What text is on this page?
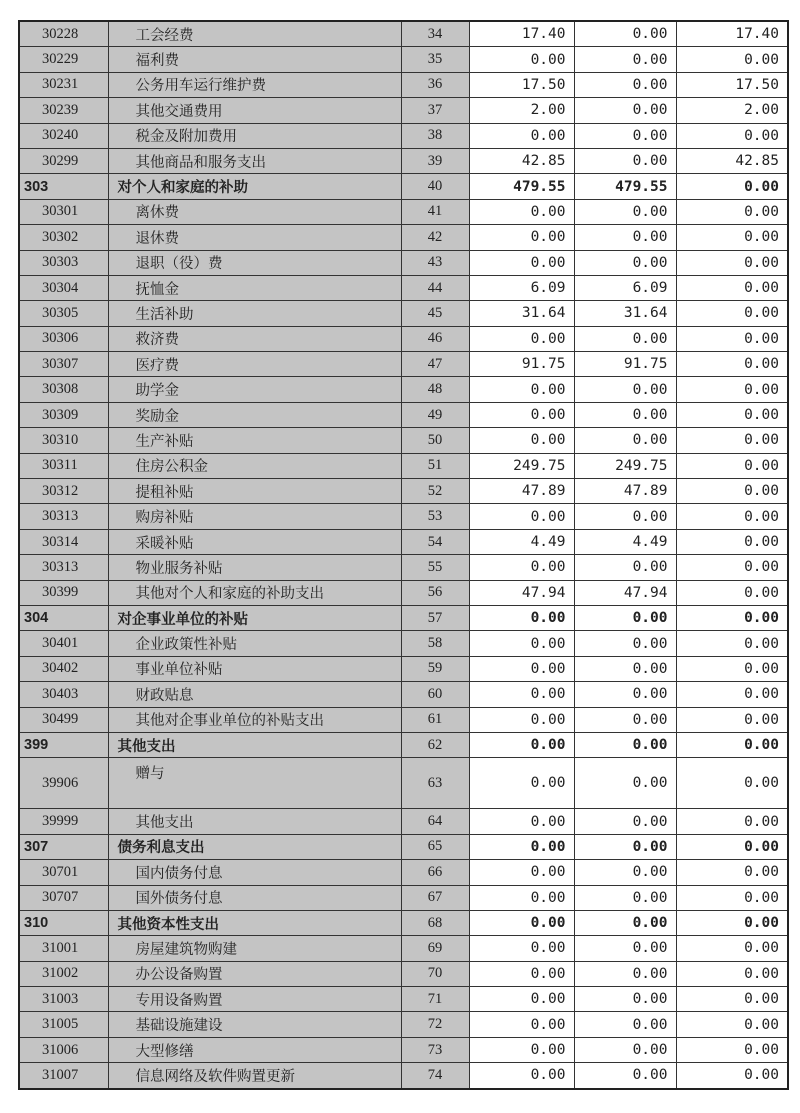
30228	工会经费	34	17.40	0.00	17.40
30229	福利费	35	0.00	0.00	0.00
30231	公务用车运行维护费	36	17.50	0.00	17.50
30239	其他交通费用	37	2.00	0.00	2.00
30240	税金及附加费用	38	0.00	0.00	0.00
30299	其他商品和服务支出	39	42.85	0.00	42.85
303	对个人和家庭的补助	40	479.55	479.55	0.00
30301	离休费	41	0.00	0.00	0.00
30302	退休费	42	0.00	0.00	0.00
30303	退职（役）费	43	0.00	0.00	0.00
30304	抚恤金	44	6.09	6.09	0.00
30305	生活补助	45	31.64	31.64	0.00
30306	救济费	46	0.00	0.00	0.00
30307	医疗费	47	91.75	91.75	0.00
30308	助学金	48	0.00	0.00	0.00
30309	奖励金	49	0.00	0.00	0.00
30310	生产补贴	50	0.00	0.00	0.00
30311	住房公积金	51	249.75	249.75	0.00
30312	提租补贴	52	47.89	47.89	0.00
30313	购房补贴	53	0.00	0.00	0.00
30314	采暖补贴	54	4.49	4.49	0.00
30313	物业服务补贴	55	0.00	0.00	0.00
30399	其他对个人和家庭的补助支出	56	47.94	47.94	0.00
304	对企事业单位的补贴	57	0.00	0.00	0.00
30401	企业政策性补贴	58	0.00	0.00	0.00
30402	事业单位补贴	59	0.00	0.00	0.00
30403	财政贴息	60	0.00	0.00	0.00
30499	其他对企事业单位的补贴支出	61	0.00	0.00	0.00
399	其他支出	62	0.00	0.00	0.00
39906	赠与	63	0.00	0.00	0.00
39999	其他支出	64	0.00	0.00	0.00
307	债务利息支出	65	0.00	0.00	0.00
30701	国内债务付息	66	0.00	0.00	0.00
30707	国外债务付息	67	0.00	0.00	0.00
310	其他资本性支出	68	0.00	0.00	0.00
31001	房屋建筑物购建	69	0.00	0.00	0.00
31002	办公设备购置	70	0.00	0.00	0.00
31003	专用设备购置	71	0.00	0.00	0.00
31005	基础设施建设	72	0.00	0.00	0.00
31006	大型修缮	73	0.00	0.00	0.00
31007	信息网络及软件购置更新	74	0.00	0.00	0.00
